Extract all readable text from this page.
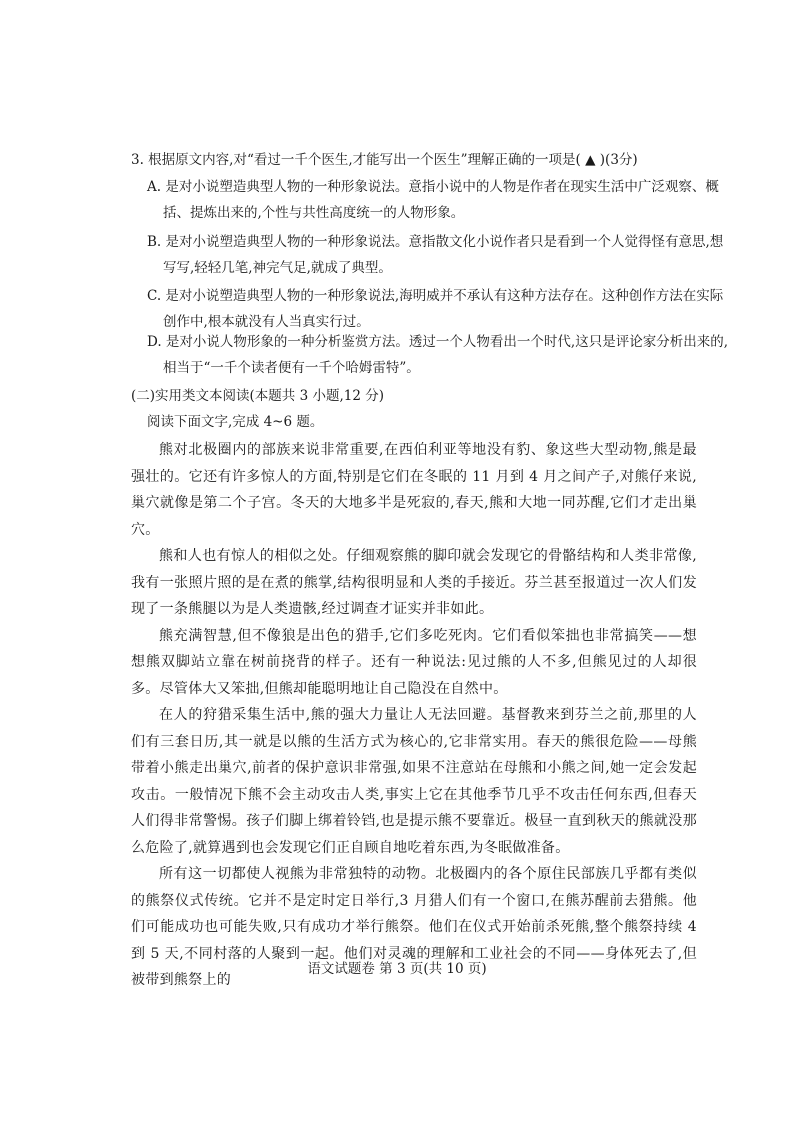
3. 根据原文内容,对“看过一千个医生,才能写出一个医生”理解正确的一项是( ▲ )(3分)
A. 是对小说塑造典型人物的一种形象说法。意指小说中的人物是作者在现实生活中广泛观察、概括、提炼出来的,个性与共性高度统一的人物形象。
B. 是对小说塑造典型人物的一种形象说法。意指散文化小说作者只是看到一个人觉得怪有意思,想写写,轻轻几笔,神完气足,就成了典型。
C. 是对小说塑造典型人物的一种形象说法,海明威并不承认有这种方法存在。这种创作方法在实际创作中,根本就没有人当真实行过。
D. 是对小说人物形象的一种分析鉴赏方法。透过一个人物看出一个时代,这只是评论家分析出来的,相当于“一千个读者便有一千个哈姆雷特”。
(二)实用类文本阅读(本题共 3 小题,12 分)
阅读下面文字,完成 4~6 题。

熊对北极圈内的部族来说非常重要,在西伯利亚等地没有豹、象这些大型动物,熊是最强壮的。它还有许多惊人的方面,特别是它们在冬眠的 11 月到 4 月之间产子,对熊仔来说,巢穴就像是第二个子宫。冬天的大地多半是死寂的,春天,熊和大地一同苏醒,它们才走出巢穴。

熊和人也有惊人的相似之处。仔细观察熊的脚印就会发现它的骨骼结构和人类非常像,我有一张照片照的是在煮的熊掌,结构很明显和人类的手接近。芬兰甚至报道过一次人们发现了一条熊腿以为是人类遗骸,经过调查才证实并非如此。

熊充满智慧,但不像狼是出色的猎手,它们多吃死肉。它们看似笨拙也非常搞笑——想想熊双脚站立靠在树前挠背的样子。还有一种说法:见过熊的人不多,但熊见过的人却很多。尽管体大又笨拙,但熊却能聪明地让自己隐没在自然中。

在人的狩猎采集生活中,熊的强大力量让人无法回避。基督教来到芬兰之前,那里的人们有三套日历,其一就是以熊的生活方式为核心的,它非常实用。春天的熊很危险——母熊带着小熊走出巢穴,前者的保护意识非常强,如果不注意站在母熊和小熊之间,她一定会发起攻击。一般情况下熊不会主动攻击人类,事实上它在其他季节几乎不攻击任何东西,但春天人们得非常警惕。孩子们脚上绑着铃铛,也是提示熊不要靠近。极昼一直到秋天的熊就没那么危险了,就算遇到也会发现它们正自顾自地吃着东西,为冬眠做准备。

所有这一切都使人视熊为非常独特的动物。北极圈内的各个原住民部族几乎都有类似的熊祭仪式传统。它并不是定时定日举行,3 月猎人们有一个窗口,在熊苏醒前去猎熊。他们可能成功也可能失败,只有成功才举行熊祭。他们在仪式开始前杀死熊,整个熊祭持续 4 到 5 天,不同村落的人聚到一起。他们对灵魂的理解和工业社会的不同——身体死去了,但被带到熊祭上的

语文试题卷 第 3 页(共 10 页)
